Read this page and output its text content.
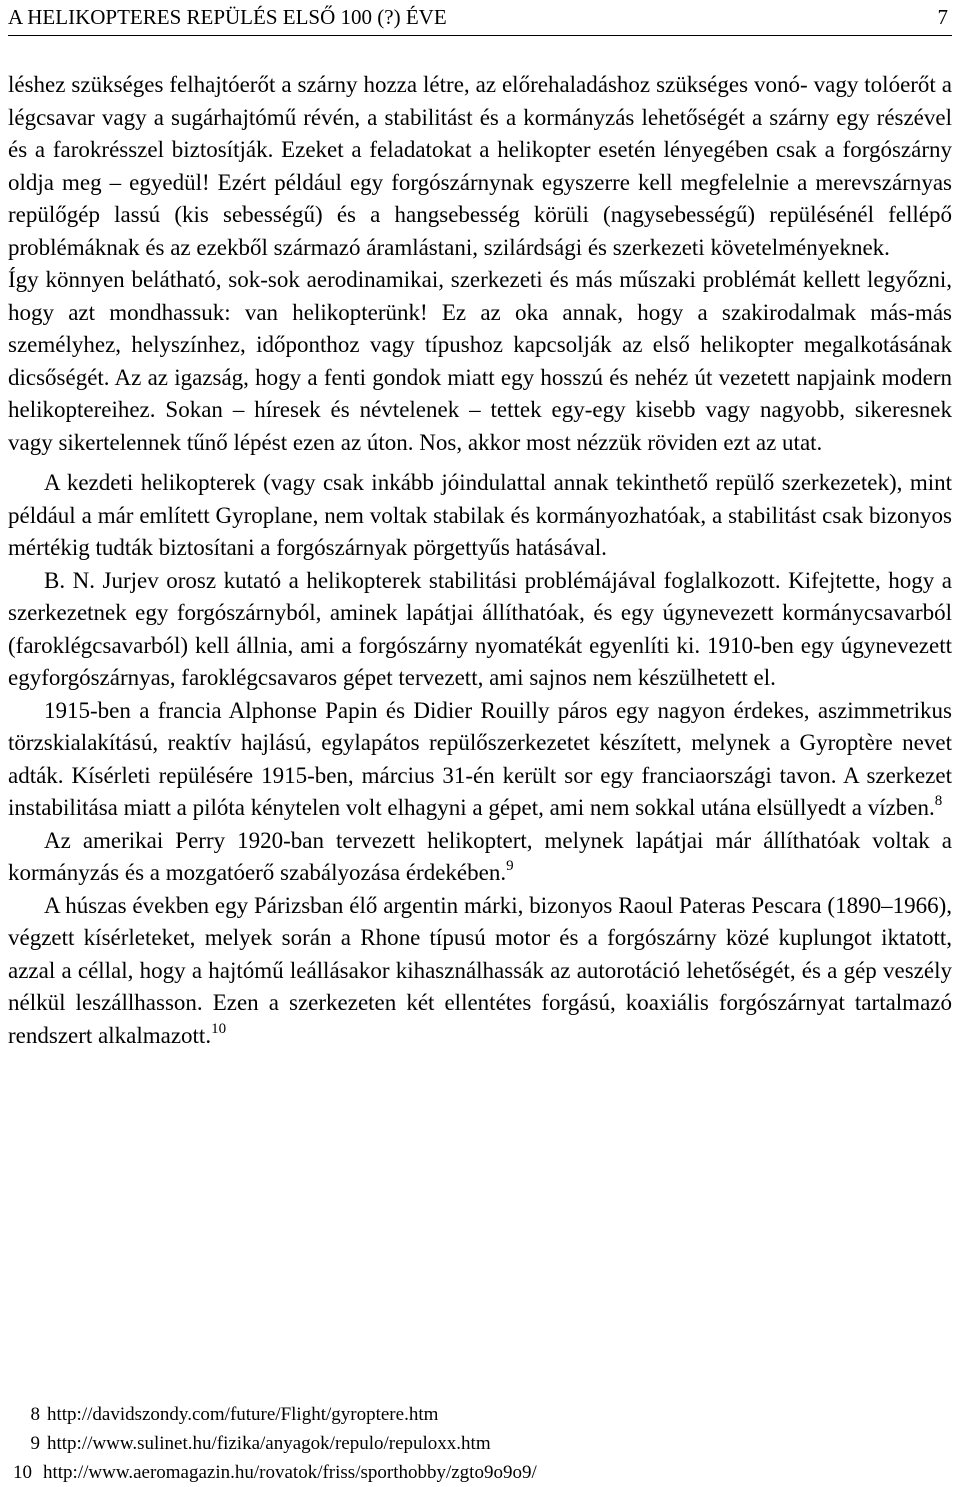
A HELIKOPTERES REPÜLÉS ELSŐ 100 (?) ÉVE	7

léshez szükséges felhajtóerőt a szárny hozza létre, az előrehaladáshoz szükséges vonó- vagy tolóerőt a légcsavar vagy a sugárhajtómű révén, a stabilitást és a kormányzás lehetőségét a szárny egy részével és a farokrésszel biztosítják. Ezeket a feladatokat a helikopter esetén lényegében csak a forgószárny oldja meg – egyedül! Ezért például egy forgószárnynak egyszerre kell megfelelnie a merevszárnyas repülőgép lassú (kis sebességű) és a hangsebesség körüli (nagysebességű) repülésénél fellépő problémáknak és az ezekből származó áramlástani, szilárdsági és szerkezeti követelményeknek.

Így könnyen belátható, sok-sok aerodinamikai, szerkezeti és más műszaki problémát kellett legyőzni, hogy azt mondhassuk: van helikopterünk! Ez az oka annak, hogy a szakirodalmak más-más személyhez, helyszínhez, időponthoz vagy típushoz kapcsolják az első helikopter megalkotásának dicsőségét. Az az igazság, hogy a fenti gondok miatt egy hosszú és nehéz út vezetett napjaink modern helikoptereihez. Sokan – híresek és névtelenek – tettek egy-egy kisebb vagy nagyobb, sikeresnek vagy sikertelennek tűnő lépést ezen az úton. Nos, akkor most nézzük röviden ezt az utat.

A kezdeti helikopterek (vagy csak inkább jóindulattal annak tekinthető repülő szerkezetek), mint például a már említett Gyroplane, nem voltak stabilak és kormányozhatóak, a stabilitást csak bizonyos mértékig tudták biztosítani a forgószárnyak pörgettyűs hatásával.

B. N. Jurjev orosz kutató a helikopterek stabilitási problémájával foglalkozott. Kifejtette, hogy a szerkezetnek egy forgószárnyból, aminek lapátjai állíthatóak, és egy úgynevezett kormánycsavarból (faroklégcsavarból) kell állnia, ami a forgószárny nyomatékát egyenlíti ki. 1910-ben egy úgynevezett egyforgószárnyas, faroklégcsavaros gépet tervezett, ami sajnos nem készülhetett el.

1915-ben a francia Alphonse Papin és Didier Rouilly páros egy nagyon érdekes, aszimmetrikus törzskialakítású, reaktív hajlású, egylapátos repülőszerkezetet készített, melynek a Gyroptère nevet adták. Kísérleti repülésére 1915-ben, március 31-én került sor egy franciaországi tavon. A szerkezet instabilitása miatt a pilóta kénytelen volt elhagyni a gépet, ami nem sokkal utána elsüllyedt a vízben.$^8$

Az amerikai Perry 1920-ban tervezett helikoptert, melynek lapátjai már állíthatóak voltak a kormányzás és a mozgatóerő szabályozása érdekében.$^9$

A húszas években egy Párizsban élő argentin márki, bizonyos Raoul Pateras Pescara (1890–1966), végzett kísérleteket, melyek során a Rhone típusú motor és a forgószárny közé kuplungot iktatott, azzal a céllal, hogy a hajtómű leállásakor kihasználhassák az autorotáció lehetőségét, és a gép veszély nélkül leszállhasson. Ezen a szerkezeten két ellentétes forgású, koaxiális forgószárnyat tartalmazó rendszert alkalmazott.$^{10}$

8 http://davidszondy.com/future/Flight/gyroptere.htm
9 http://www.sulinet.hu/fizika/anyagok/repulo/repuloxx.htm
10 http://www.aeromagazin.hu/rovatok/friss/sporthobby/zgto9o9o9/
